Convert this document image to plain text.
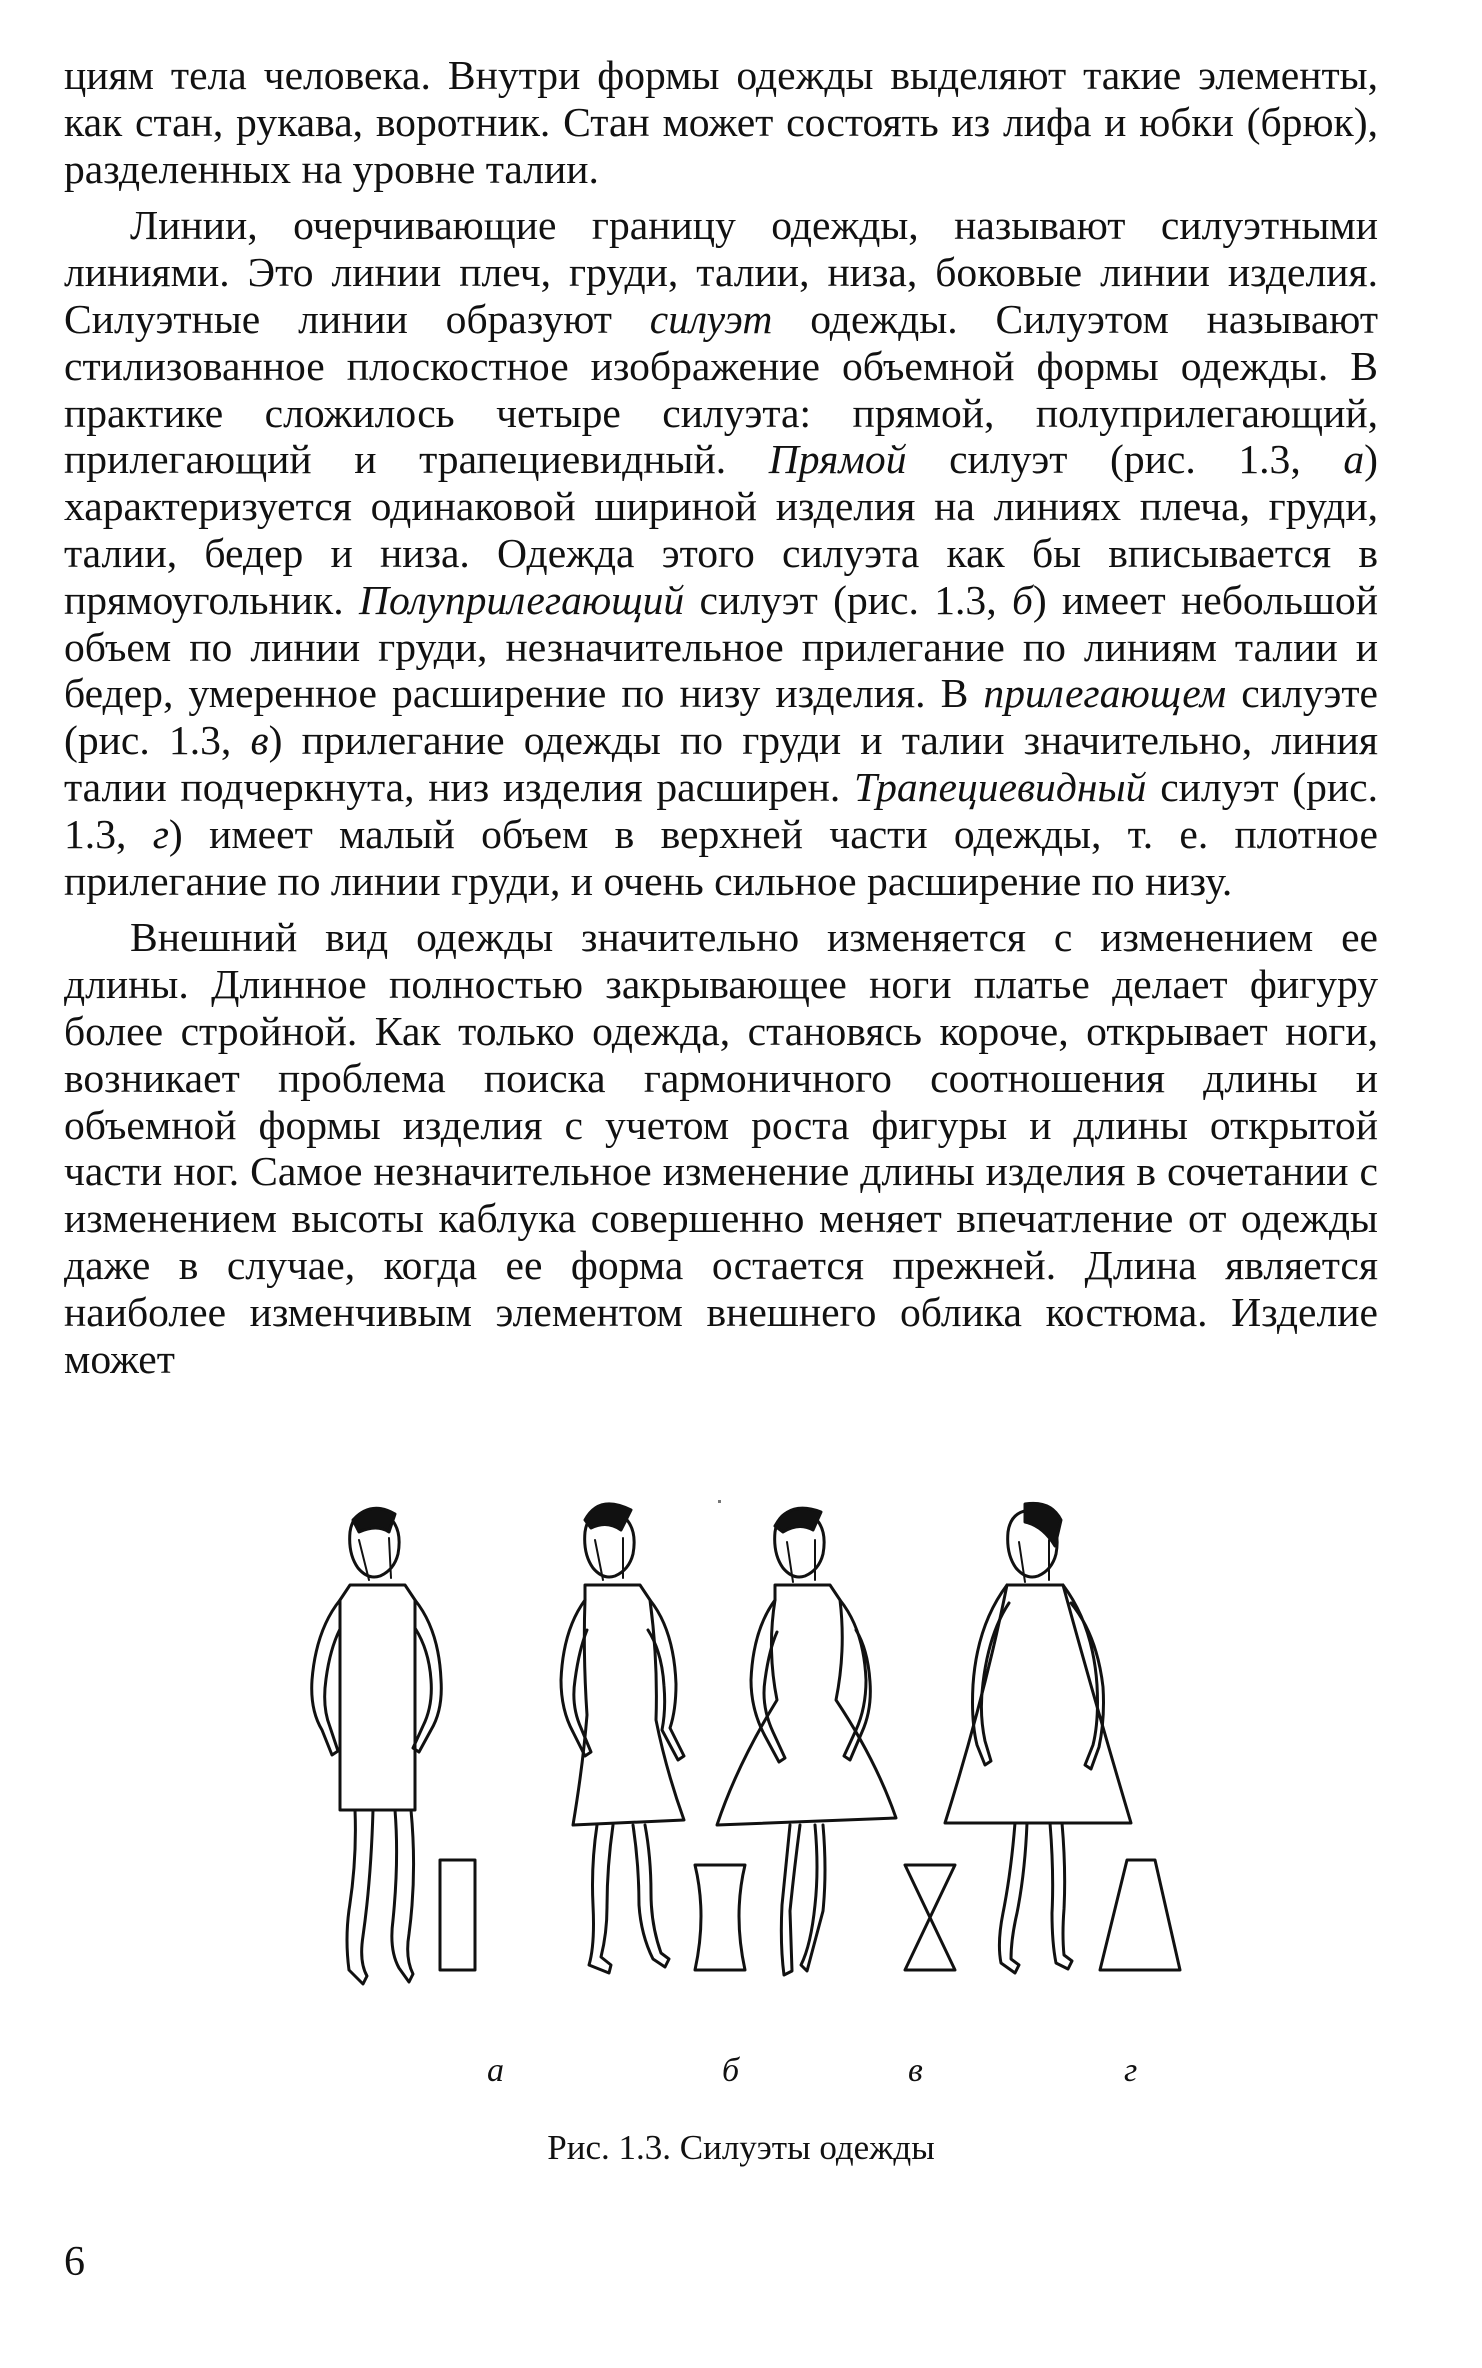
циям тела человека. Внутри формы одежды выделяют такие элементы, как стан, рукава, воротник. Стан может состоять из лифа и юбки (брюк), разделенных на уровне талии.

Линии, очерчивающие границу одежды, называют силуэтными линиями. Это линии плеч, груди, талии, низа, боковые линии изделия. Силуэтные линии образуют силуэт одежды. Силуэтом называют стилизованное плоскостное изображение объемной формы одежды. В практике сложилось четыре силуэта: прямой, полуприлегающий, прилегающий и трапециевидный. Прямой силуэт (рис. 1.3, а) характеризуется одинаковой шириной изделия на линиях плеча, груди, талии, бедер и низа. Одежда этого силуэта как бы вписывается в прямоугольник. Полуприлегающий силуэт (рис. 1.3, б) имеет небольшой объем по линии груди, незначительное прилегание по линиям талии и бедер, умеренное расширение по низу изделия. В прилегающем силуэте (рис. 1.3, в) прилегание одежды по груди и талии значительно, линия талии подчеркнута, низ изделия расширен. Трапециевидный силуэт (рис. 1.3, г) имеет малый объем в верхней части одежды, т. е. плотное прилегание по линии груди, и очень сильное расширение по низу.

Внешний вид одежды значительно изменяется с изменением ее длины. Длинное полностью закрывающее ноги платье делает фигуру более стройной. Как только одежда, становясь короче, открывает ноги, возникает проблема поиска гармоничного соотношения длины и объемной формы изделия с учетом роста фигуры и длины открытой части ног. Самое незначительное изменение длины изделия в сочетании с изменением высоты каблука совершенно меняет впечатление от одежды даже в случае, когда ее форма остается прежней. Длина является наиболее изменчивым элементом внешнего облика костюма. Изделие может

а	б	в	г
Рис. 1.3. Силуэты одежды
6
